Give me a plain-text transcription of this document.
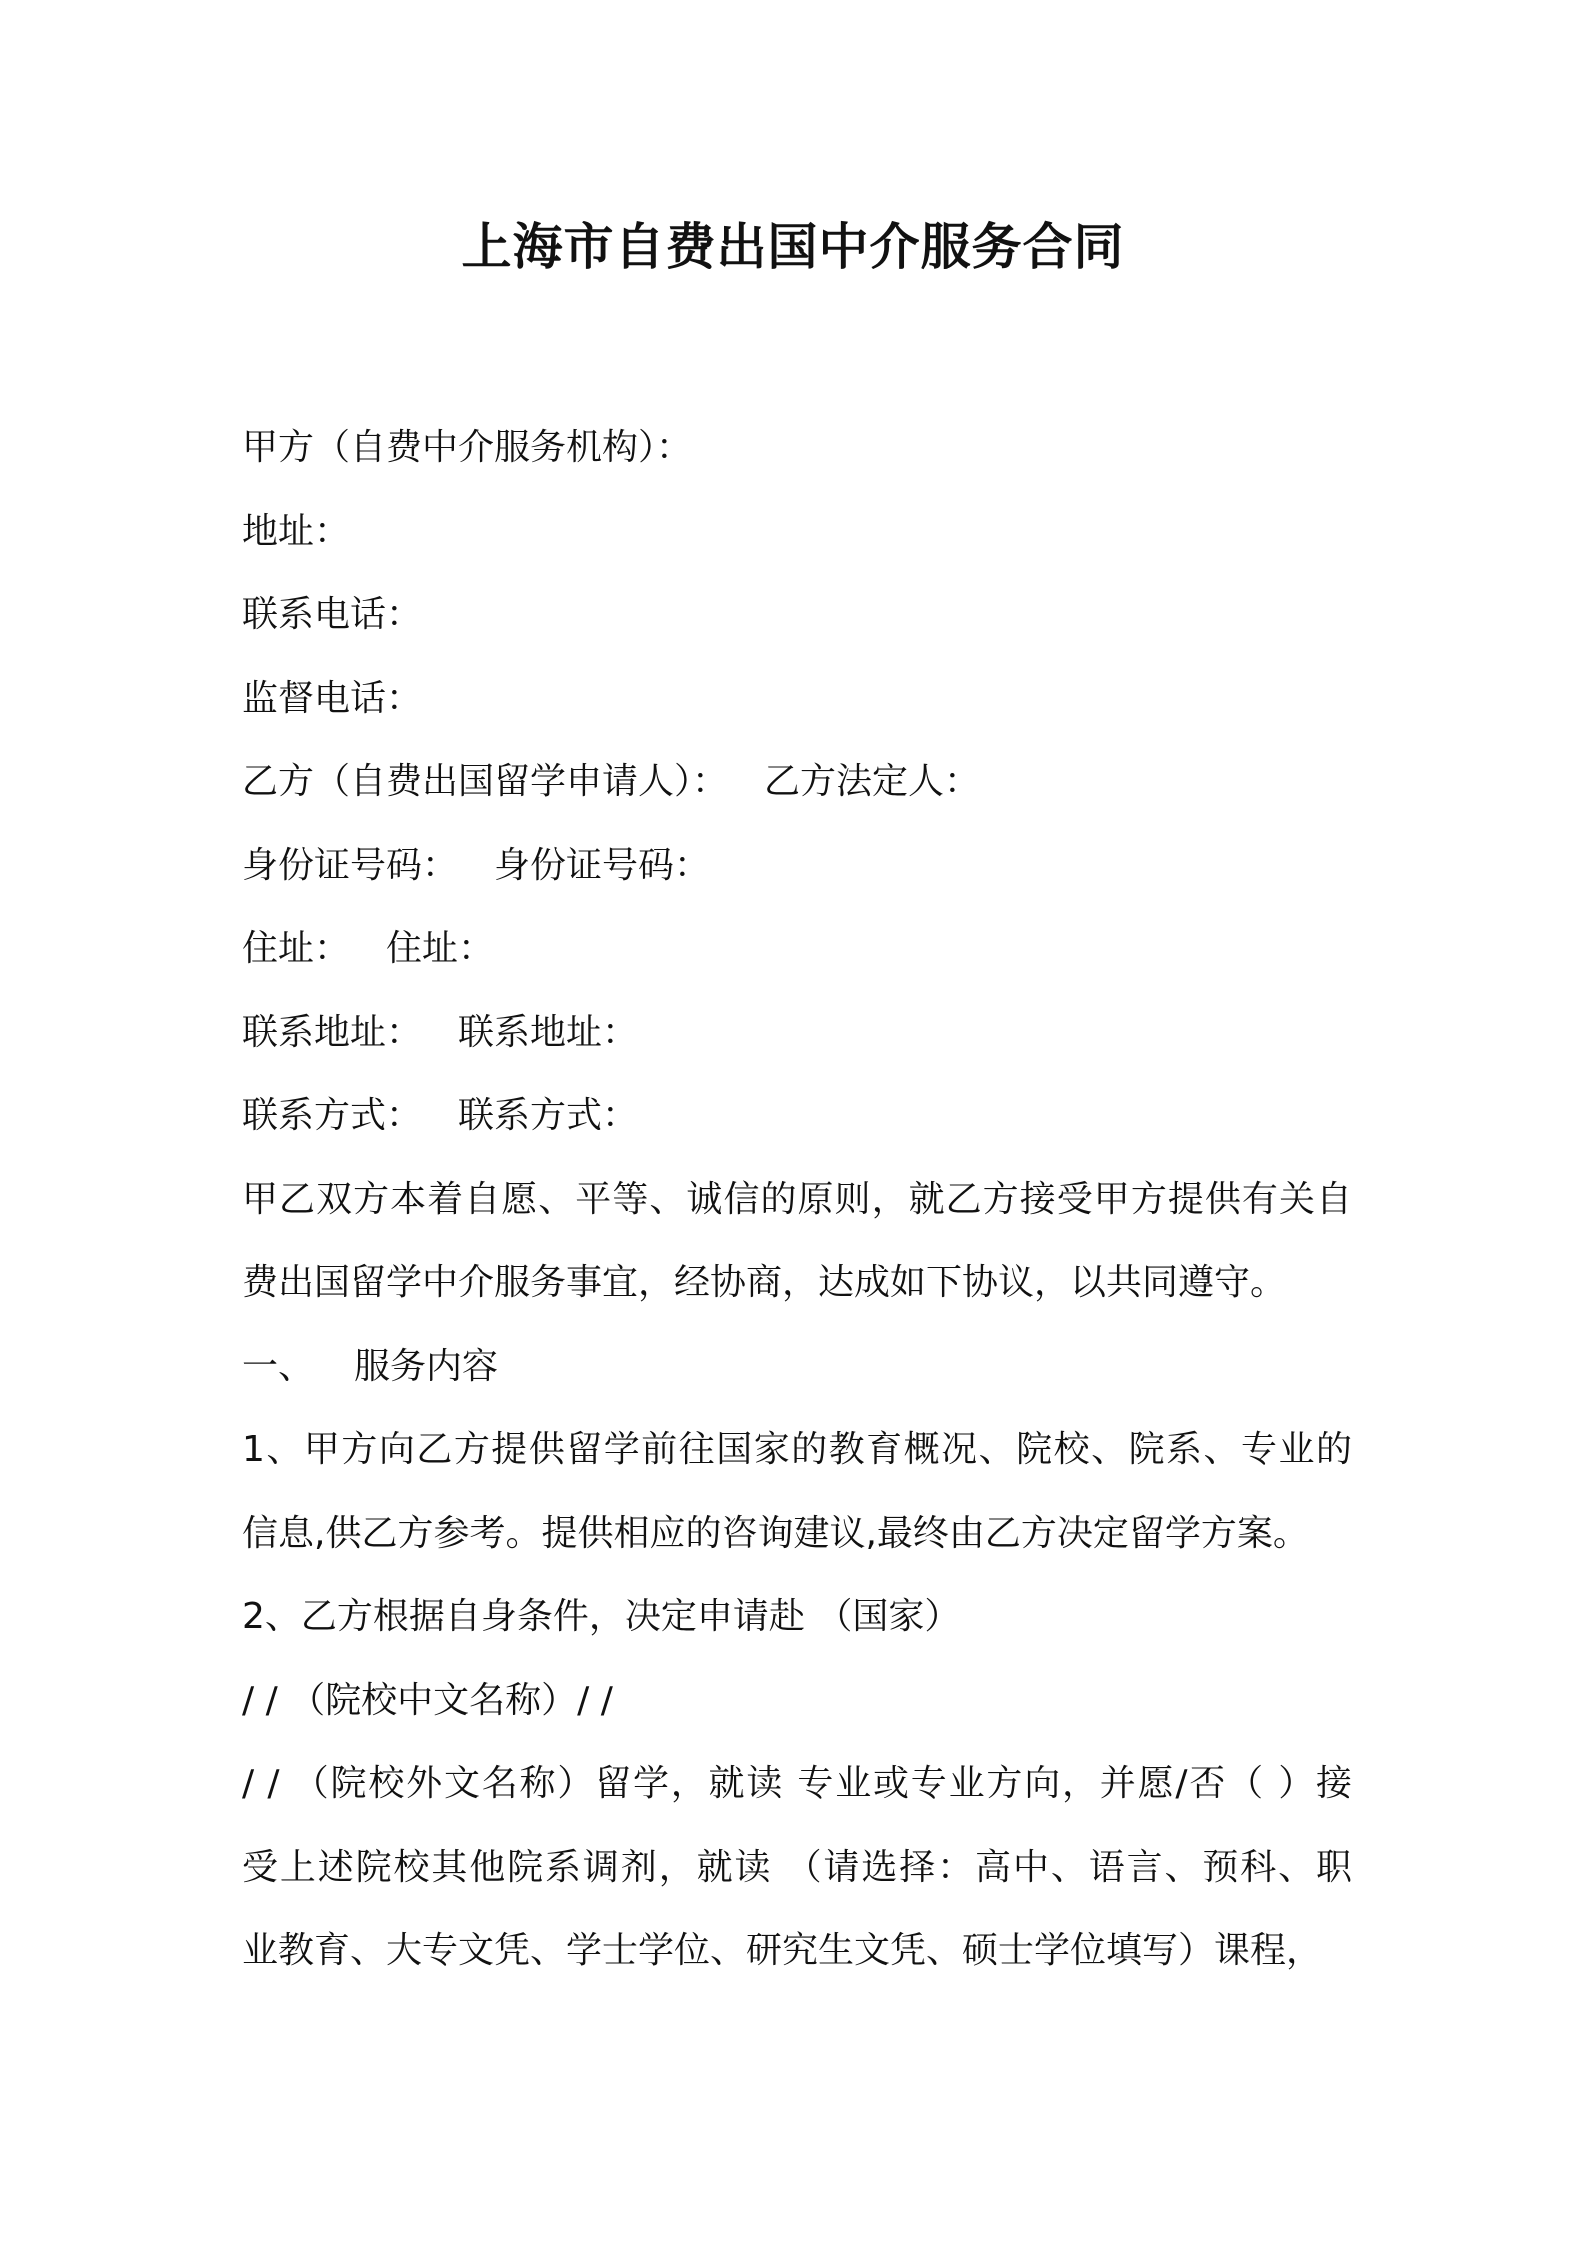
上海市自费出国中介服务合同
甲方（自费中介服务机构）：
地址：
联系电话：
监督电话：
乙方（自费出国留学申请人）： 乙方法定人：
身份证号码： 身份证号码：
住址： 住址：
联系地址： 联系地址：
联系方式： 联系方式：
甲乙双方本着自愿、平等、诚信的原则，就乙方接受甲方提供有关自
费出国留学中介服务事宜，经协商，达成如下协议，以共同遵守。
一、 服务内容
1、甲方向乙方提供留学前往国家的教育概况、院校、院系、专业的
信息,供乙方参考。提供相应的咨询建议,最终由乙方决定留学方案。
2、乙方根据自身条件，决定申请赴 （国家）
/ / （院校中文名称）/ /
/ / （院校外文名称）留学，就读 专业或专业方向，并愿/否（ ）接
受上述院校其他院系调剂，就读 （请选择：高中、语言、预科、职
业教育、大专文凭、学士学位、研究生文凭、硕士学位填写）课程，
